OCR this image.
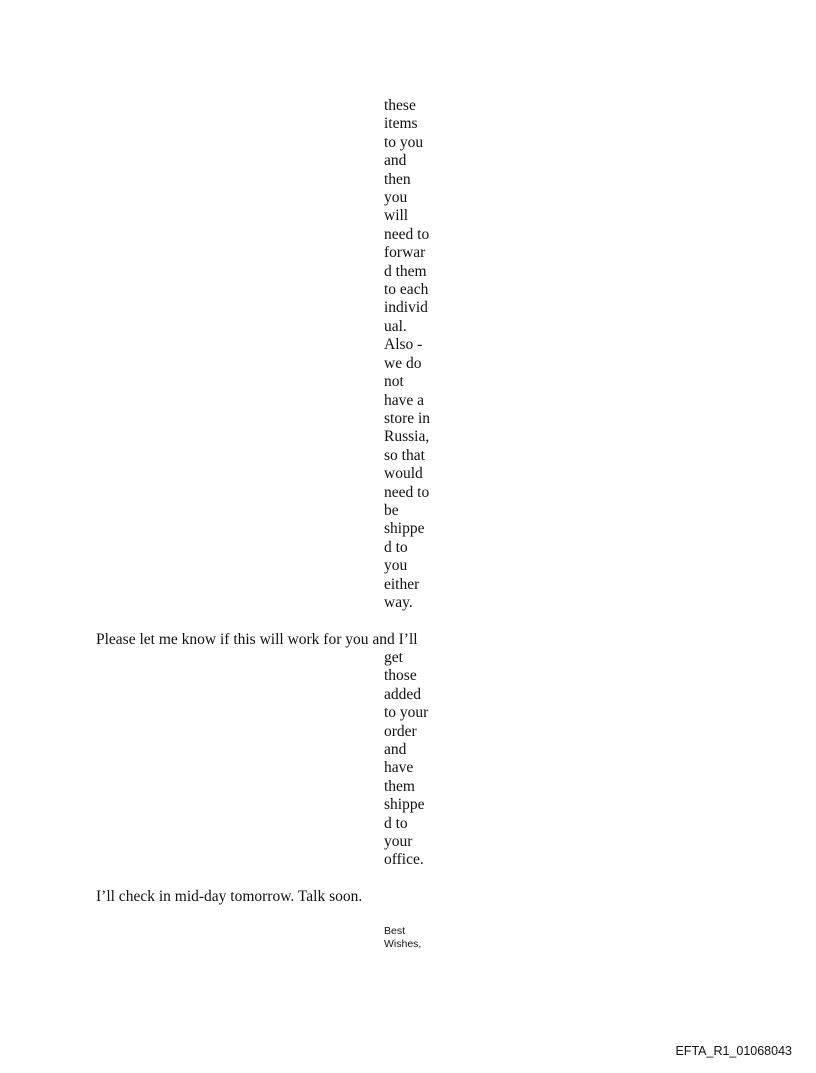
these
items
to you
and
then
you
will
need to
forwar
d them
to each
individ
ual.
Also -
we do
not
have a
store in
Russia,
so that
would
need to
be
shippe
d to
you
either
way.
Please let me know if this will work for you and I’ll
get
those
added
to your
order
and
have
them
shippe
d to
your
office.
I’ll check in mid-day tomorrow. Talk soon.
Best
Wishes,
EFTA_R1_01068043
